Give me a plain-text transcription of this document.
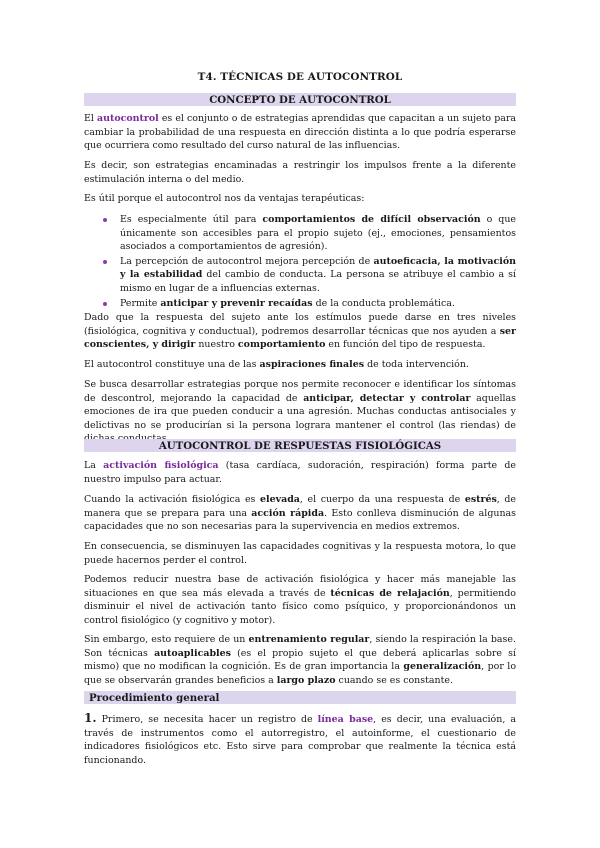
T4. TÉCNICAS DE AUTOCONTROL
CONCEPTO DE AUTOCONTROL

El autocontrol es el conjunto o de estrategias aprendidas que capacitan a un sujeto para cambiar la probabilidad de una respuesta en dirección distinta a lo que podría esperarse que ocurriera como resultado del curso natural de las influencias.

Es decir, son estrategias encaminadas a restringir los impulsos frente a la diferente estimulación interna o del medio.

Es útil porque el autocontrol nos da ventajas terapéuticas:

Es especialmente útil para comportamientos de difícil observación o que únicamente son accesibles para el propio sujeto (ej., emociones, pensamientos asociados a comportamientos de agresión).
La percepción de autocontrol mejora percepción de autoeficacia, la motivación y la estabilidad del cambio de conducta. La persona se atribuye el cambio a sí mismo en lugar de a influencias externas.
Permite anticipar y prevenir recaídas de la conducta problemática.

Dado que la respuesta del sujeto ante los estímulos puede darse en tres niveles (fisiológica, cognitiva y conductual), podremos desarrollar técnicas que nos ayuden a ser conscientes, y dirigir nuestro comportamiento en función del tipo de respuesta.

El autocontrol constituye una de las aspiraciones finales de toda intervención.

Se busca desarrollar estrategias porque nos permite reconocer e identificar los síntomas de descontrol, mejorando la capacidad de anticipar, detectar y controlar aquellas emociones de ira que pueden conducir a una agresión. Muchas conductas antisociales y delictivas no se producirían si la persona lograra mantener el control (las riendas) de

AUTOCONTROL DE RESPUESTAS FISIOLÓGICAS

La activación fisiológica (tasa cardíaca, sudoración, respiración) forma parte de nuestro impulso para actuar.

Cuando la activación fisiológica es elevada, el cuerpo da una respuesta de estrés, de manera que se prepara para una acción rápida. Esto conlleva disminución de algunas capacidades que no son necesarias para la supervivencia en medios extremos.

En consecuencia, se disminuyen las capacidades cognitivas y la respuesta motora, lo que puede hacernos perder el control.

Podemos reducir nuestra base de activación fisiológica y hacer más manejable las situaciones en que sea más elevada a través de técnicas de relajación, permitiendo disminuir el nivel de activación tanto físico como psíquico, y proporcionándonos un control fisiológico (y cognitivo y motor).

Sin embargo, esto requiere de un entrenamiento regular, siendo la respiración la base. Son técnicas autoaplicables (es el propio sujeto el que deberá aplicarlas sobre sí mismo) que no modifican la cognición. Es de gran importancia la generalización, por lo que se observarán grandes beneficios a largo plazo cuando se es constante.

Procedimiento general

1. Primero, se necesita hacer un registro de línea base, es decir, una evaluación, a través de instrumentos como el autorregistro, el autoinforme, el cuestionario de indicadores fisiológicos etc. Esto sirve para comprobar que realmente la técnica está funcionando.
